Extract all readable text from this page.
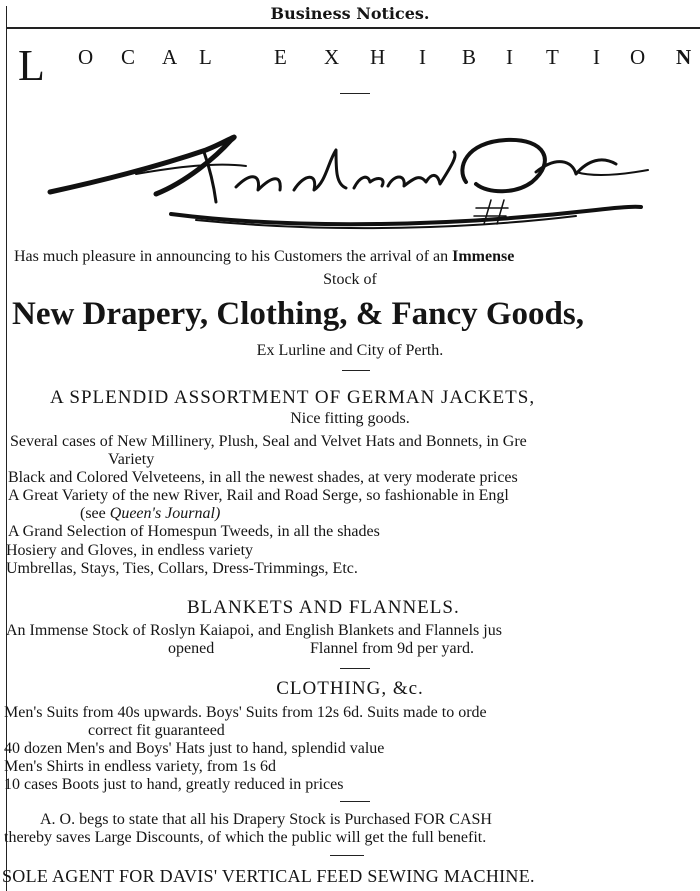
Business Notices.
L O C A L	E X H I B I T I O N
Has much pleasure in announcing to his Customers the arrival of an Immense
Stock of
New Drapery, Clothing, & Fancy Goods,
Ex Lurline and City of Perth.
A SPLENDID ASSORTMENT OF GERMAN JACKETS,
Nice fitting goods.
Several cases of New Millinery, Plush, Seal and Velvet Hats and Bonnets, in Gre
Variety
Black and Colored Velveteens, in all the newest shades, at very moderate prices
A Great Variety of the new River, Rail and Road Serge, so fashionable in Engl
(see Queen's Journal)
A Grand Selection of Homespun Tweeds, in all the shades
Hosiery and Gloves, in endless variety
Umbrellas, Stays, Ties, Collars, Dress-Trimmings, Etc.
BLANKETS AND FLANNELS.
An Immense Stock of Roslyn Kaiapoi, and English Blankets and Flannels jus
opened	Flannel from 9d per yard.
CLOTHING, &c.
Men's Suits from 40s upwards. Boys' Suits from 12s 6d. Suits made to orde
correct fit guaranteed
40 dozen Men's and Boys' Hats just to hand, splendid value
Men's Shirts in endless variety, from 1s 6d
10 cases Boots just to hand, greatly reduced in prices
A. O. begs to state that all his Drapery Stock is Purchased FOR CASH
thereby saves Large Discounts, of which the public will get the full benefit.
SOLE AGENT FOR DAVIS' VERTICAL FEED SEWING MACHINE.
